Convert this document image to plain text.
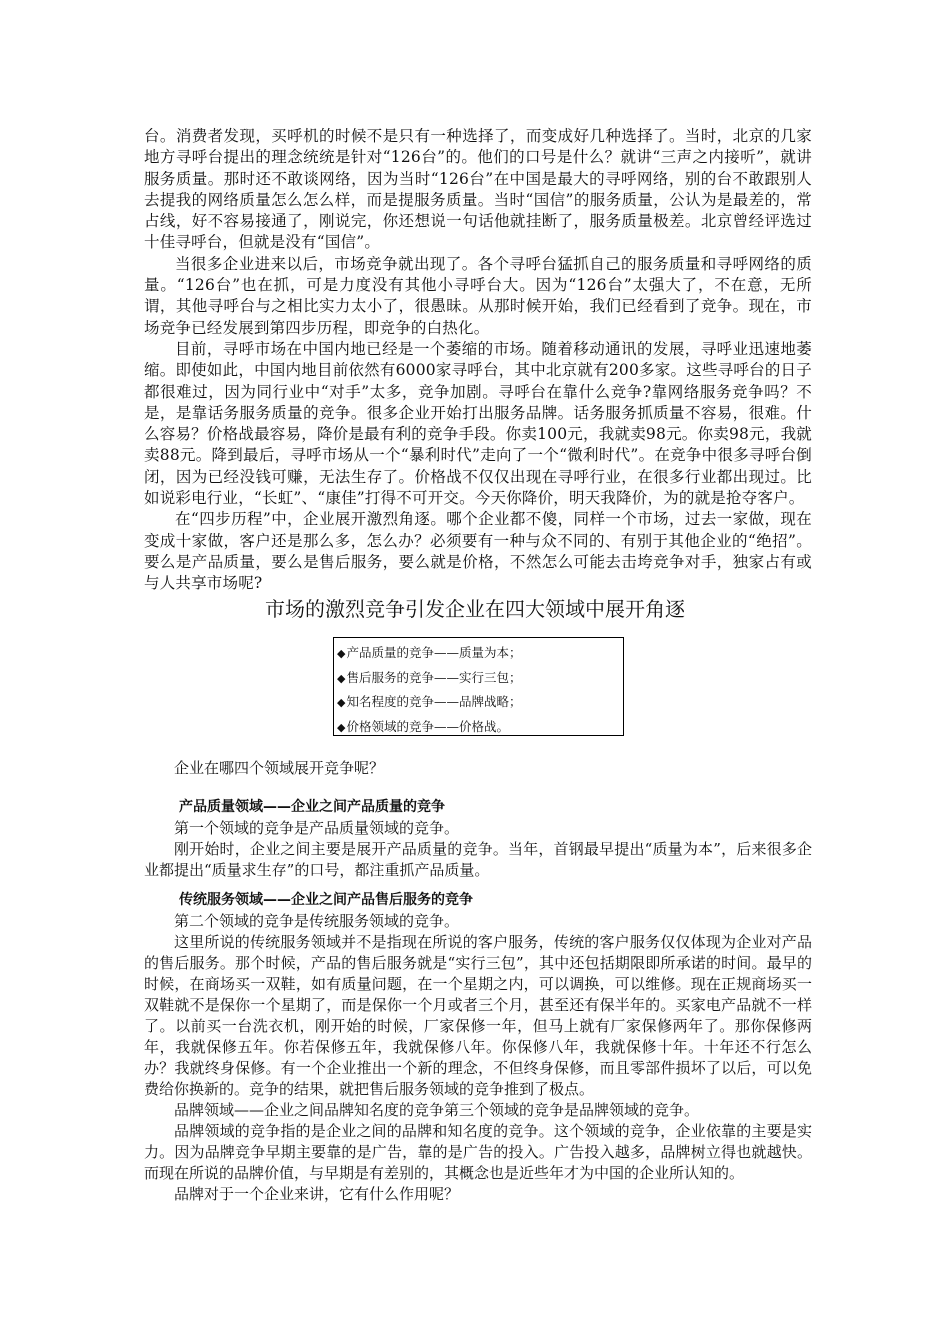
台。消费者发现，买呼机的时候不是只有一种选择了，而变成好几种选择了。当时，北京的几家地方寻呼台提出的理念统统是针对“126台”的。他们的口号是什么？就讲“三声之内接听”，就讲服务质量。那时还不敢谈网络，因为当时“126台”在中国是最大的寻呼网络，别的台不敢跟别人去提我的网络质量怎么怎么样，而是提服务质量。当时“国信”的服务质量，公认为是最差的，常占线，好不容易接通了，刚说完，你还想说一句话他就挂断了，服务质量极差。北京曾经评选过十佳寻呼台，但就是没有“国信”。

当很多企业进来以后，市场竞争就出现了。各个寻呼台猛抓自己的服务质量和寻呼网络的质量。“126台”也在抓，可是力度没有其他小寻呼台大。因为“126台”太强大了，不在意，无所谓，其他寻呼台与之相比实力太小了，很愚昧。从那时候开始，我们已经看到了竞争。现在，市场竞争已经发展到第四步历程，即竞争的白热化。

目前，寻呼市场在中国内地已经是一个萎缩的市场。随着移动通讯的发展，寻呼业迅速地萎缩。即使如此，中国内地目前依然有6000家寻呼台，其中北京就有200多家。这些寻呼台的日子都很难过，因为同行业中“对手”太多，竞争加剧。寻呼台在靠什么竞争?靠网络服务竞争吗？不是，是靠话务服务质量的竞争。很多企业开始打出服务品牌。话务服务抓质量不容易，很难。什么容易？价格战最容易，降价是最有利的竞争手段。你卖100元，我就卖98元。你卖98元，我就卖88元。降到最后，寻呼市场从一个“暴利时代”走向了一个“微利时代”。在竞争中很多寻呼台倒闭，因为已经没钱可赚，无法生存了。价格战不仅仅出现在寻呼行业，在很多行业都出现过。比如说彩电行业，“长虹”、“康佳”打得不可开交。今天你降价，明天我降价，为的就是抢夺客户。

在“四步历程”中，企业展开激烈角逐。哪个企业都不傻，同样一个市场，过去一家做，现在变成十家做，客户还是那么多，怎么办？必须要有一种与众不同的、有别于其他企业的“绝招”。要么是产品质量，要么是售后服务，要么就是价格，不然怎么可能去击垮竞争对手，独家占有或与人共享市场呢?

市场的激烈竞争引发企业在四大领域中展开角逐
◆产品质量的竞争——质量为本；
◆售后服务的竞争——实行三包；
◆知名程度的竞争——品牌战略；
◆价格领域的竞争——价格战。

企业在哪四个领域展开竞争呢？

产品质量领域——企业之间产品质量的竞争

第一个领域的竞争是产品质量领域的竞争。

刚开始时，企业之间主要是展开产品质量的竞争。当年，首钢最早提出“质量为本”，后来很多企业都提出“质量求生存”的口号，都注重抓产品质量。

传统服务领域——企业之间产品售后服务的竞争

第二个领域的竞争是传统服务领域的竞争。

这里所说的传统服务领域并不是指现在所说的客户服务，传统的客户服务仅仅体现为企业对产品的售后服务。那个时候，产品的售后服务就是“实行三包”，其中还包括期限即所承诺的时间。最早的时候，在商场买一双鞋，如有质量问题，在一个星期之内，可以调换，可以维修。现在正规商场买一双鞋就不是保你一个星期了，而是保你一个月或者三个月，甚至还有保半年的。买家电产品就不一样了。以前买一台洗衣机，刚开始的时候，厂家保修一年，但马上就有厂家保修两年了。那你保修两年，我就保修五年。你若保修五年，我就保修八年。你保修八年，我就保修十年。十年还不行怎么办？我就终身保修。有一个企业推出一个新的理念，不但终身保修，而且零部件损坏了以后，可以免费给你换新的。竞争的结果，就把售后服务领域的竞争推到了极点。

品牌领域——企业之间品牌知名度的竞争第三个领域的竞争是品牌领域的竞争。

品牌领域的竞争指的是企业之间的品牌和知名度的竞争。这个领域的竞争，企业依靠的主要是实力。因为品牌竞争早期主要靠的是广告，靠的是广告的投入。广告投入越多，品牌树立得也就越快。而现在所说的品牌价值，与早期是有差别的，其概念也是近些年才为中国的企业所认知的。

品牌对于一个企业来讲，它有什么作用呢？
